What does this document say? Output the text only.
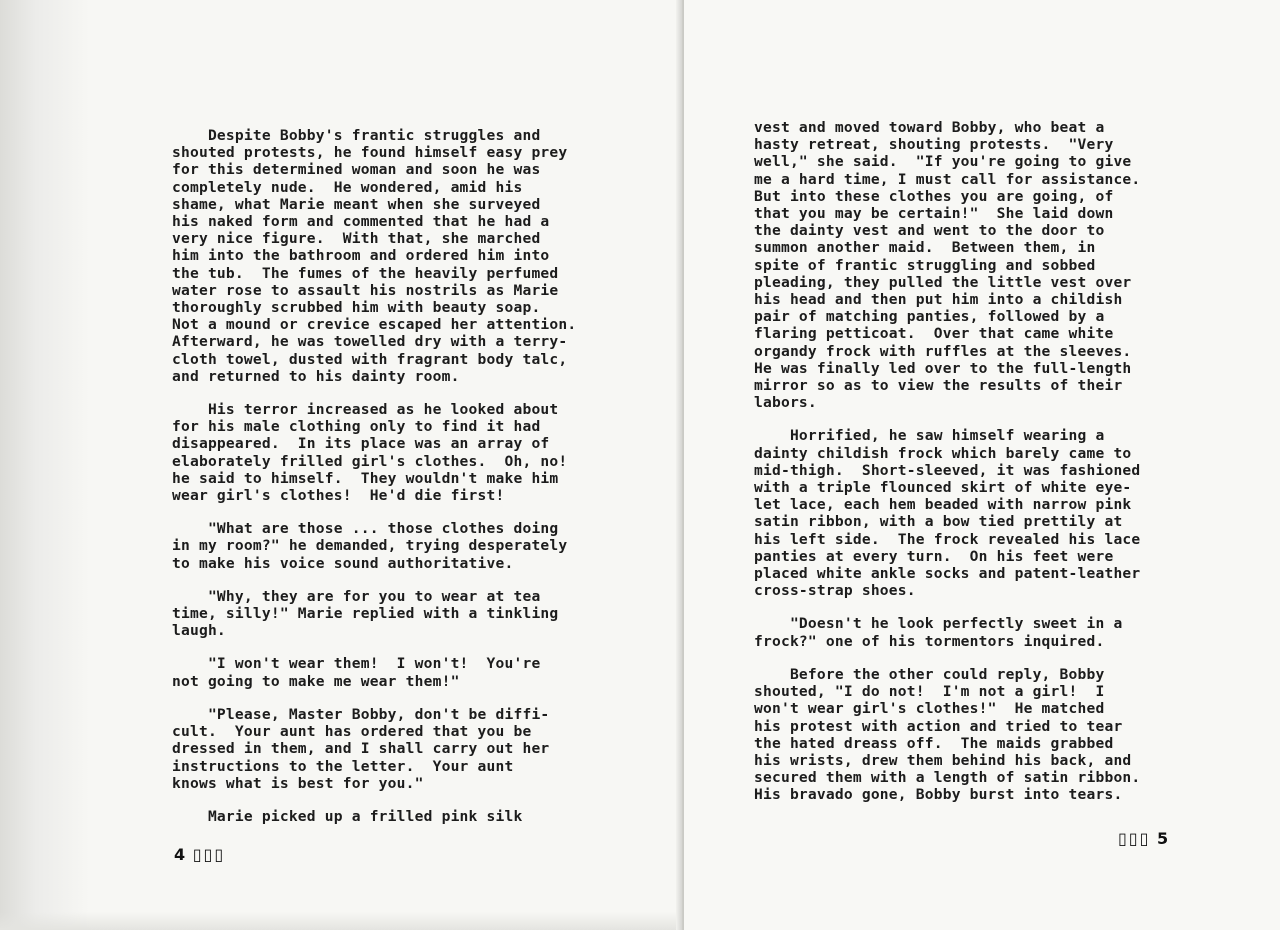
Despite Bobby's frantic struggles and
shouted protests, he found himself easy prey
for this determined woman and soon he was
completely nude.  He wondered, amid his
shame, what Marie meant when she surveyed
his naked form and commented that he had a
very nice figure.  With that, she marched
him into the bathroom and ordered him into
the tub.  The fumes of the heavily perfumed
water rose to assault his nostrils as Marie
thoroughly scrubbed him with beauty soap.
Not a mound or crevice escaped her attention.
Afterward, he was towelled dry with a terry-
cloth towel, dusted with fragrant body talc,
and returned to his dainty room.

His terror increased as he looked about
for his male clothing only to find it had
disappeared.  In its place was an array of
elaborately frilled girl's clothes.  Oh, no!
he said to himself.  They wouldn't make him
wear girl's clothes!  He'd die first!

"What are those ... those clothes doing
in my room?" he demanded, trying desperately
to make his voice sound authoritative.

"Why, they are for you to wear at tea
time, silly!" Marie replied with a tinkling
laugh.

"I won't wear them!  I won't!  You're
not going to make me wear them!"

"Please, Master Bobby, don't be diffi-
cult.  Your aunt has ordered that you be
dressed in them, and I shall carry out her
instructions to the letter.  Your aunt
knows what is best for you."

Marie picked up a frilled pink silk

4 ▯▯▯

vest and moved toward Bobby, who beat a
hasty retreat, shouting protests.  "Very
well," she said.  "If you're going to give
me a hard time, I must call for assistance.
But into these clothes you are going, of
that you may be certain!"  She laid down
the dainty vest and went to the door to
summon another maid.  Between them, in
spite of frantic struggling and sobbed
pleading, they pulled the little vest over
his head and then put him into a childish
pair of matching panties, followed by a
flaring petticoat.  Over that came white
organdy frock with ruffles at the sleeves.
He was finally led over to the full-length
mirror so as to view the results of their
labors.

Horrified, he saw himself wearing a
dainty childish frock which barely came to
mid-thigh.  Short-sleeved, it was fashioned
with a triple flounced skirt of white eye-
let lace, each hem beaded with narrow pink
satin ribbon, with a bow tied prettily at
his left side.  The frock revealed his lace
panties at every turn.  On his feet were
placed white ankle socks and patent-leather
cross-strap shoes.

"Doesn't he look perfectly sweet in a
frock?" one of his tormentors inquired.

Before the other could reply, Bobby
shouted, "I do not!  I'm not a girl!  I
won't wear girl's clothes!"  He matched
his protest with action and tried to tear
the hated dreass off.  The maids grabbed
his wrists, drew them behind his back, and
secured them with a length of satin ribbon.
His bravado gone, Bobby burst into tears.

▯▯▯ 5
